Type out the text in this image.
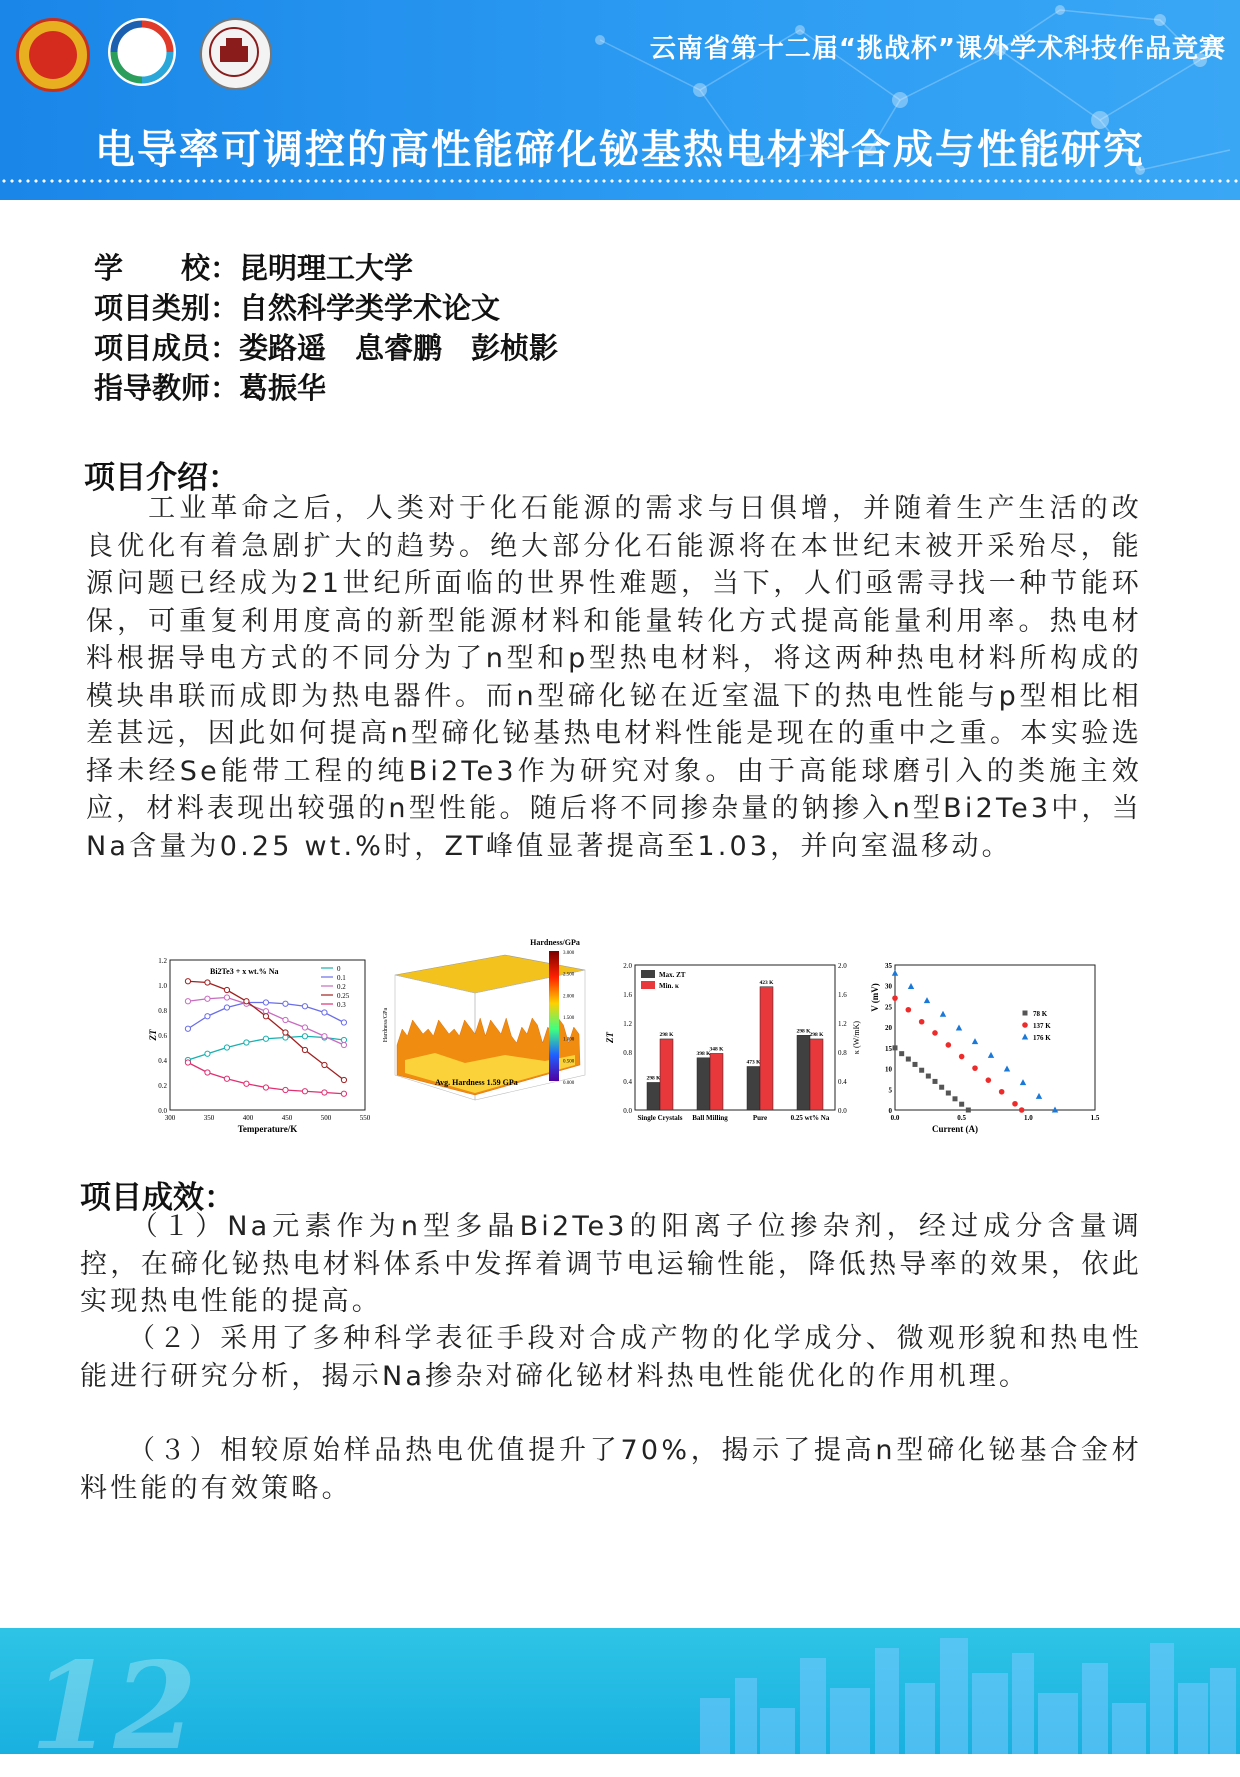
云南省第十二届“挑战杯”课外学术科技作品竞赛
电导率可调控的高性能碲化铋基热电材料合成与性能研究
学　　校：昆明理工大学
项目类别：自然科学类学术论文
项目成员：娄路遥　息睿鹏　彭桢影
指导教师：葛振华
项目介绍：
　　工业革命之后，人类对于化石能源的需求与日俱增，并随着生产生活的改良优化有着急剧扩大的趋势。绝大部分化石能源将在本世纪末被开采殆尽，能源问题已经成为21世纪所面临的世界性难题，当下，人们亟需寻找一种节能环保，可重复利用度高的新型能源材料和能量转化方式提高能量利用率。热电材料根据导电方式的不同分为了n型和p型热电材料，将这两种热电材料所构成的模块串联而成即为热电器件。而n型碲化铋在近室温下的热电性能与p型相比相差甚远，因此如何提高n型碲化铋基热电材料性能是现在的重中之重。本实验选择未经Se能带工程的纯Bi2Te3作为研究对象。由于高能球磨引入的类施主效应，材料表现出较强的n型性能。随后将不同掺杂量的钠掺入n型Bi2Te3中，当Na含量为0.25 wt.%时，ZT峰值显著提高至1.03，并向室温移动。
0.0
0.2
0.4
0.6
0.8
1.0
1.2
300	350	400	450	500	550
Temperature/K
ZT
Bi2Te3 + x wt.% Na	0
0.1
0.2
0.25
0.3
Avg. Hardness 1.59 GPa
Hardness/GPa
0.0	0.0
0.4	0.4
0.8	0.8
1.2	1.2
1.6	1.6
2.0	2.0
ZT	κ (W/mK)
Single Crystals
298 K
298 K
Ball Milling
398 K
348 K
Pure
473 K
423 K
0.25 wt% Na
298 K
298 K
Max. ZT
Min. κ
0
5
10
15
20
25
30
35
0.0	0.5	1.0	1.5
Current (A)
V (mV)
78 K
137 K
176 K
Hardness/GPa
3.000
2.500
2.000
1.500
1.000
0.500
0.000
项目成效：
　　（１）Na元素作为n型多晶Bi2Te3的阳离子位掺杂剂，经过成分含量调控，在碲化铋热电材料体系中发挥着调节电运输性能，降低热导率的效果，依此实现热电性能的提高。
　　（２）采用了多种科学表征手段对合成产物的化学成分、微观形貌和热电性能进行研究分析，揭示Na掺杂对碲化铋材料热电性能优化的作用机理。
　　（３）相较原始样品热电优值提升了70%，揭示了提高n型碲化铋基合金材料性能的有效策略。
12
